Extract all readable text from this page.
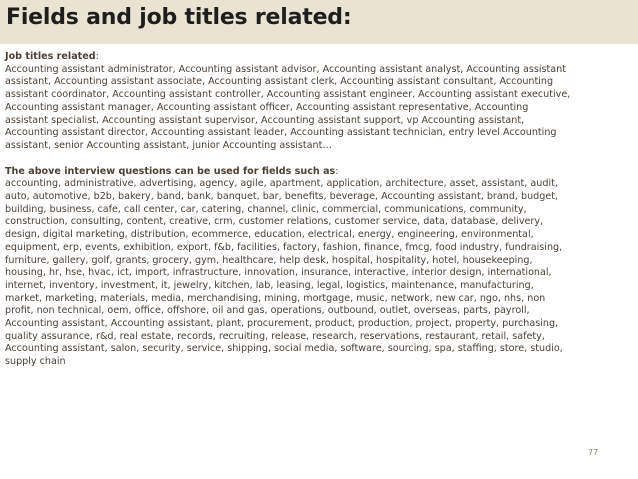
Fields and job titles related:
Job titles related:
Accounting assistant administrator, Accounting assistant advisor, Accounting assistant analyst, Accounting assistant
assistant, Accounting assistant associate, Accounting assistant clerk, Accounting assistant consultant, Accounting
assistant coordinator, Accounting assistant controller, Accounting assistant engineer, Accounting assistant executive,
Accounting assistant manager, Accounting assistant officer, Accounting assistant representative, Accounting
assistant specialist, Accounting assistant supervisor, Accounting assistant support, vp Accounting assistant,
Accounting assistant director, Accounting assistant leader, Accounting assistant technician, entry level Accounting
assistant, senior Accounting assistant, junior Accounting assistant…
The above interview questions can be used for fields such as:
accounting, administrative, advertising, agency, agile, apartment, application, architecture, asset, assistant, audit,
auto, automotive, b2b, bakery, band, bank, banquet, bar, benefits, beverage, Accounting assistant, brand, budget,
building, business, cafe, call center, car, catering, channel, clinic, commercial, communications, community,
construction, consulting, content, creative, crm, customer relations, customer service, data, database, delivery,
design, digital marketing, distribution, ecommerce, education, electrical, energy, engineering, environmental,
equipment, erp, events, exhibition, export, f&b, facilities, factory, fashion, finance, fmcg, food industry, fundraising,
furniture, gallery, golf, grants, grocery, gym, healthcare, help desk, hospital, hospitality, hotel, housekeeping,
housing, hr, hse, hvac, ict, import, infrastructure, innovation, insurance, interactive, interior design, international,
internet, inventory, investment, it, jewelry, kitchen, lab, leasing, legal, logistics, maintenance, manufacturing,
market, marketing, materials, media, merchandising, mining, mortgage, music, network, new car, ngo, nhs, non
profit, non technical, oem, office, offshore, oil and gas, operations, outbound, outlet, overseas, parts, payroll,
Accounting assistant, Accounting assistant, plant, procurement, product, production, project, property, purchasing,
quality assurance, r&d, real estate, records, recruiting, release, research, reservations, restaurant, retail, safety,
Accounting assistant, salon, security, service, shipping, social media, software, sourcing, spa, staffing, store, studio,
supply chain
77
